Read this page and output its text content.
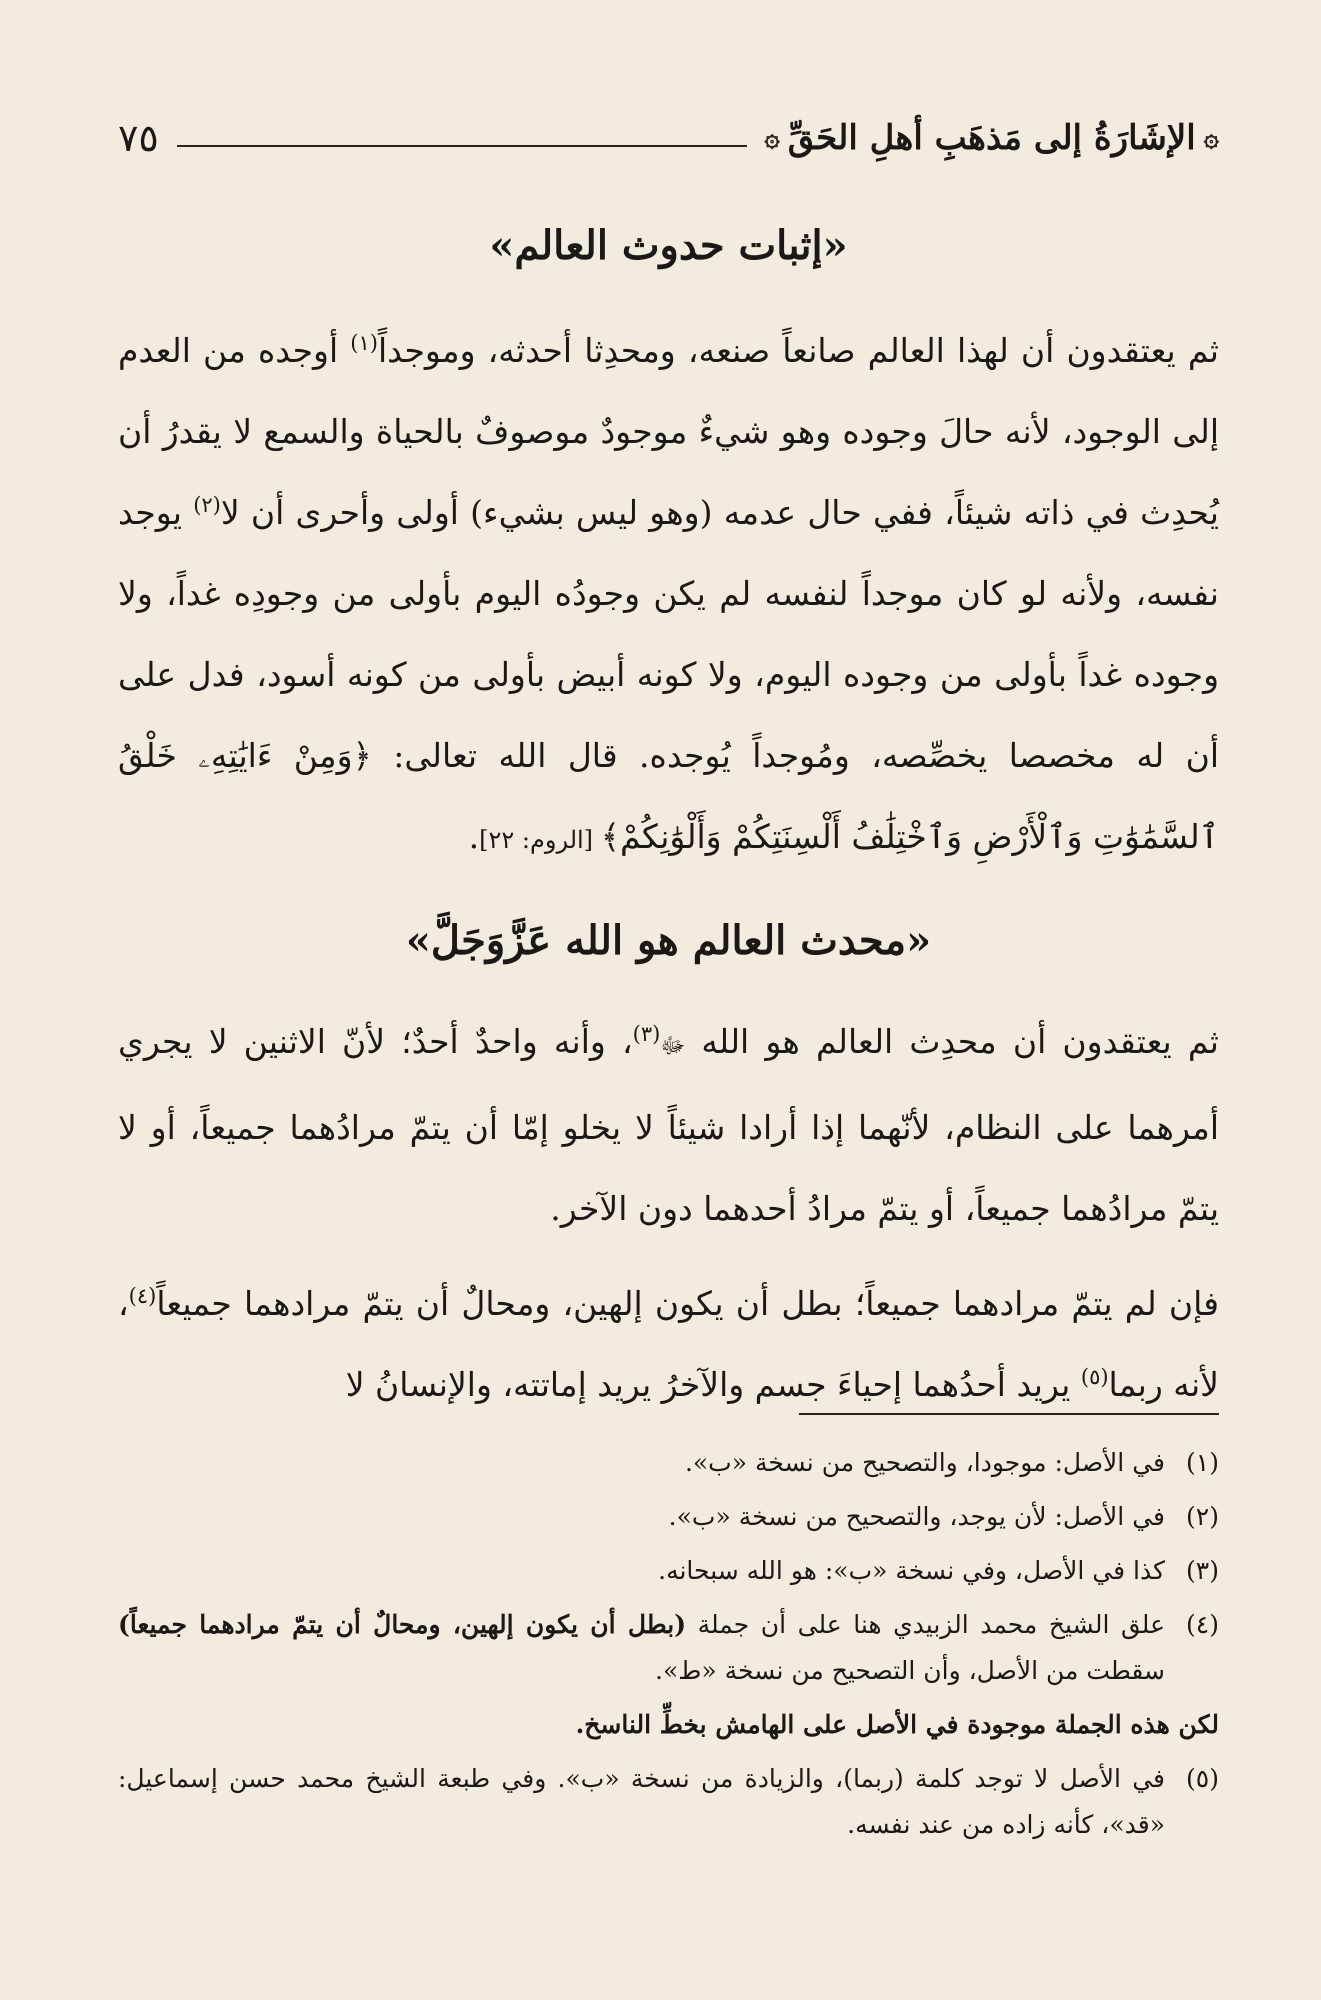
۞
الإشَارَةُ إلى مَذهَبِ أهلِ الحَقِّ
۞
٧٥
«إثبات حدوث العالم»

ثم يعتقدون أن لهذا العالم صانعاً صنعه، ومحدِثا أحدثه، وموجداً$^{(١)}$ أوجده من العدم إلى الوجود، لأنه حالَ وجوده وهو شيءٌ موجودٌ موصوفٌ بالحياة والسمع لا يقدرُ أن يُحدِث في ذاته شيئاً، ففي حال عدمه (وهو ليس بشيء) أولى وأحرى أن لا$^{(٢)}$ يوجد نفسه، ولأنه لو كان موجداً لنفسه لم يكن وجودُه اليوم بأولى من وجودِه غداً، ولا وجوده غداً بأولى من وجوده اليوم، ولا كونه أبيض بأولى من كونه أسود، فدل على أن له مخصصا يخصِّصه، ومُوجداً يُوجده. قال الله تعالى: ﴿وَمِنْ ءَايَٰتِهِۦ خَلْقُ ٱلسَّمَٰوَٰتِ وَٱلْأَرْضِ وَٱخْتِلَٰفُ أَلْسِنَتِكُمْ وَأَلْوَٰنِكُمْ﴾ [الروم: ٢٢].

«محدث العالم هو الله عَزَّوَجَلَّ»

ثم يعتقدون أن محدِث العالم هو الله ﷻ$^{(٣)}$، وأنه واحدٌ أحدٌ؛ لأنّ الاثنين لا يجري أمرهما على النظام، لأنّهما إذا أرادا شيئاً لا يخلو إمّا أن يتمّ مرادُهما جميعاً، أو لا يتمّ مرادُهما جميعاً، أو يتمّ مرادُ أحدهما دون الآخر.

فإن لم يتمّ مرادهما جميعاً؛ بطل أن يكون إلهين، ومحالٌ أن يتمّ مرادهما جميعاً$^{(٤)}$، لأنه ربما$^{(٥)}$ يريد أحدُهما إحياءَ جسم والآخرُ يريد إماتته، والإنسانُ لا

(١)
في الأصل: موجودا، والتصحيح من نسخة «ب».
(٢)
في الأصل: لأن يوجد، والتصحيح من نسخة «ب».
(٣)
كذا في الأصل، وفي نسخة «ب»: هو الله سبحانه.
(٤)
علق الشيخ محمد الزبيدي هنا على أن جملة (بطل أن يكون إلهين، ومحالٌ أن يتمّ مرادهما جميعاً) سقطت من الأصل، وأن التصحيح من نسخة «ط».

لكن هذه الجملة موجودة في الأصل على الهامش بخطِّ الناسخ.

(٥)
في الأصل لا توجد كلمة (ربما)، والزيادة من نسخة «ب». وفي طبعة الشيخ محمد حسن إسماعيل: «قد»، كأنه زاده من عند نفسه.
